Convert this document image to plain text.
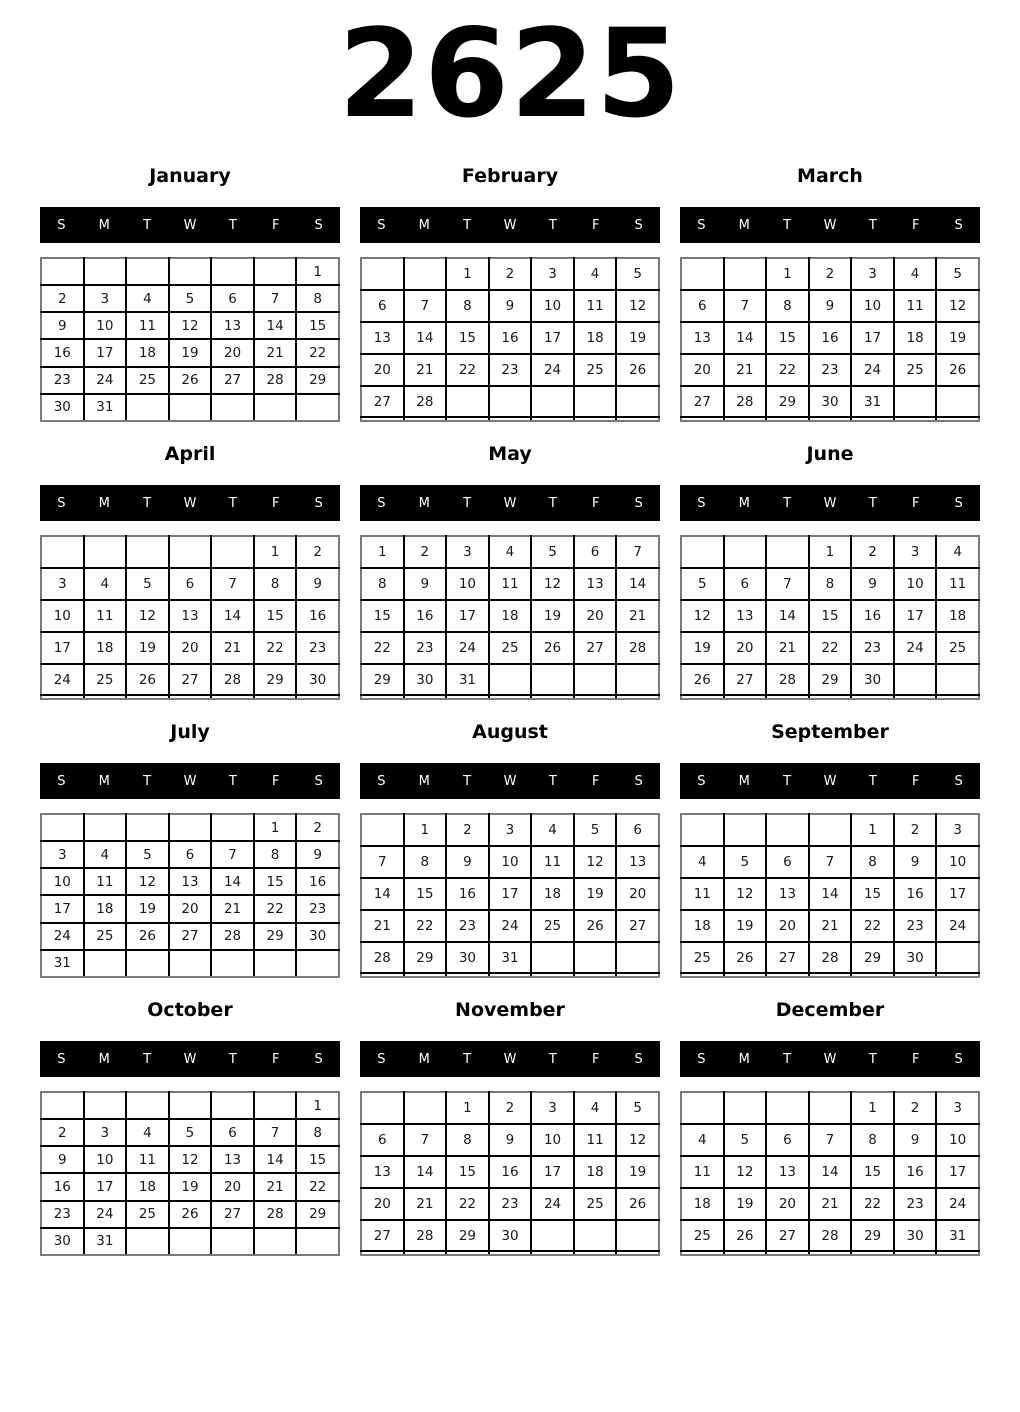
2625
January
S	M	T	W	T	F	S
						1
2	3	4	5	6	7	8
9	10	11	12	13	14	15
16	17	18	19	20	21	22
23	24	25	26	27	28	29
30	31					
February
S	M	T	W	T	F	S
		1	2	3	4	5
6	7	8	9	10	11	12
13	14	15	16	17	18	19
20	21	22	23	24	25	26
27	28					

March
S	M	T	W	T	F	S
		1	2	3	4	5
6	7	8	9	10	11	12
13	14	15	16	17	18	19
20	21	22	23	24	25	26
27	28	29	30	31		

April
S	M	T	W	T	F	S
					1	2
3	4	5	6	7	8	9
10	11	12	13	14	15	16
17	18	19	20	21	22	23
24	25	26	27	28	29	30

May
S	M	T	W	T	F	S
1	2	3	4	5	6	7
8	9	10	11	12	13	14
15	16	17	18	19	20	21
22	23	24	25	26	27	28
29	30	31				

June
S	M	T	W	T	F	S
			1	2	3	4
5	6	7	8	9	10	11
12	13	14	15	16	17	18
19	20	21	22	23	24	25
26	27	28	29	30		

July
S	M	T	W	T	F	S
					1	2
3	4	5	6	7	8	9
10	11	12	13	14	15	16
17	18	19	20	21	22	23
24	25	26	27	28	29	30
31						
August
S	M	T	W	T	F	S
	1	2	3	4	5	6
7	8	9	10	11	12	13
14	15	16	17	18	19	20
21	22	23	24	25	26	27
28	29	30	31			

September
S	M	T	W	T	F	S
				1	2	3
4	5	6	7	8	9	10
11	12	13	14	15	16	17
18	19	20	21	22	23	24
25	26	27	28	29	30	

October
S	M	T	W	T	F	S
						1
2	3	4	5	6	7	8
9	10	11	12	13	14	15
16	17	18	19	20	21	22
23	24	25	26	27	28	29
30	31					
November
S	M	T	W	T	F	S
		1	2	3	4	5
6	7	8	9	10	11	12
13	14	15	16	17	18	19
20	21	22	23	24	25	26
27	28	29	30			

December
S	M	T	W	T	F	S
				1	2	3
4	5	6	7	8	9	10
11	12	13	14	15	16	17
18	19	20	21	22	23	24
25	26	27	28	29	30	31
